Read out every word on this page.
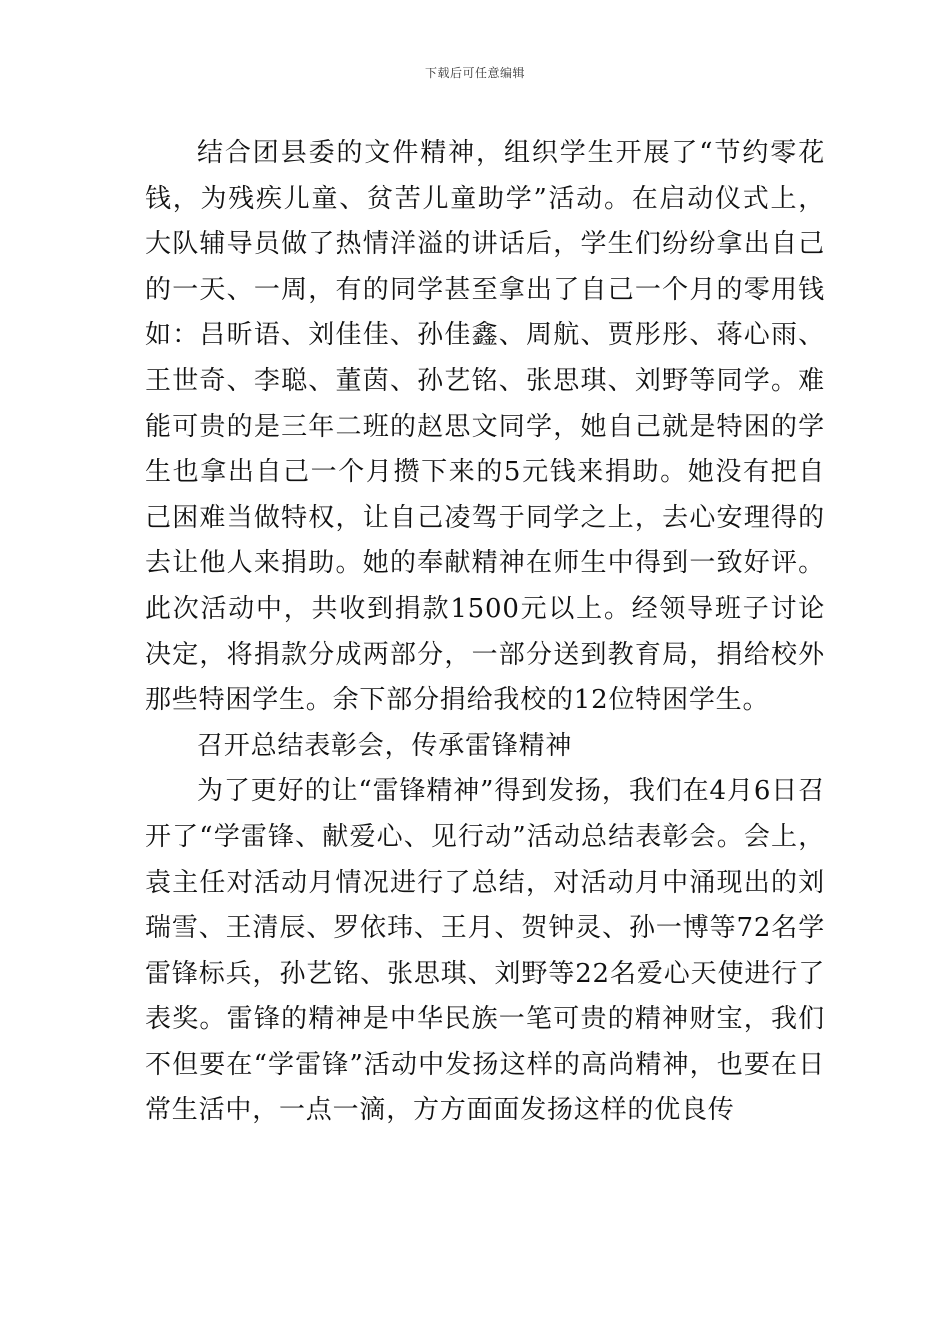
下载后可任意编辑

结合团县委的文件精神，组织学生开展了“节约零花钱，为残疾儿童、贫苦儿童助学”活动。在启动仪式上，大队辅导员做了热情洋溢的讲话后，学生们纷纷拿出自己的一天、一周，有的同学甚至拿出了自己一个月的零用钱如：吕昕语、刘佳佳、孙佳鑫、周航、贾彤彤、蒋心雨、王世奇、李聪、董茵、孙艺铭、张思琪、刘野等同学。难能可贵的是三年二班的赵思文同学，她自己就是特困的学生也拿出自己一个月攒下来的5元钱来捐助。她没有把自己困难当做特权，让自己凌驾于同学之上，去心安理得的去让他人来捐助。她的奉献精神在师生中得到一致好评。此次活动中，共收到捐款1500元以上。经领导班子讨论决定，将捐款分成两部分，一部分送到教育局，捐给校外那些特困学生。余下部分捐给我校的12位特困学生。

召开总结表彰会，传承雷锋精神

为了更好的让“雷锋精神”得到发扬，我们在4月6日召开了“学雷锋、献爱心、见行动”活动总结表彰会。会上，袁主任对活动月情况进行了总结，对活动月中涌现出的刘瑞雪、王清辰、罗依玮、王月、贺钟灵、孙一博等72名学雷锋标兵，孙艺铭、张思琪、刘野等22名爱心天使进行了表奖。雷锋的精神是中华民族一笔可贵的精神财宝，我们不但要在“学雷锋”活动中发扬这样的高尚精神，也要在日常生活中，一点一滴，方方面面发扬这样的优良传
